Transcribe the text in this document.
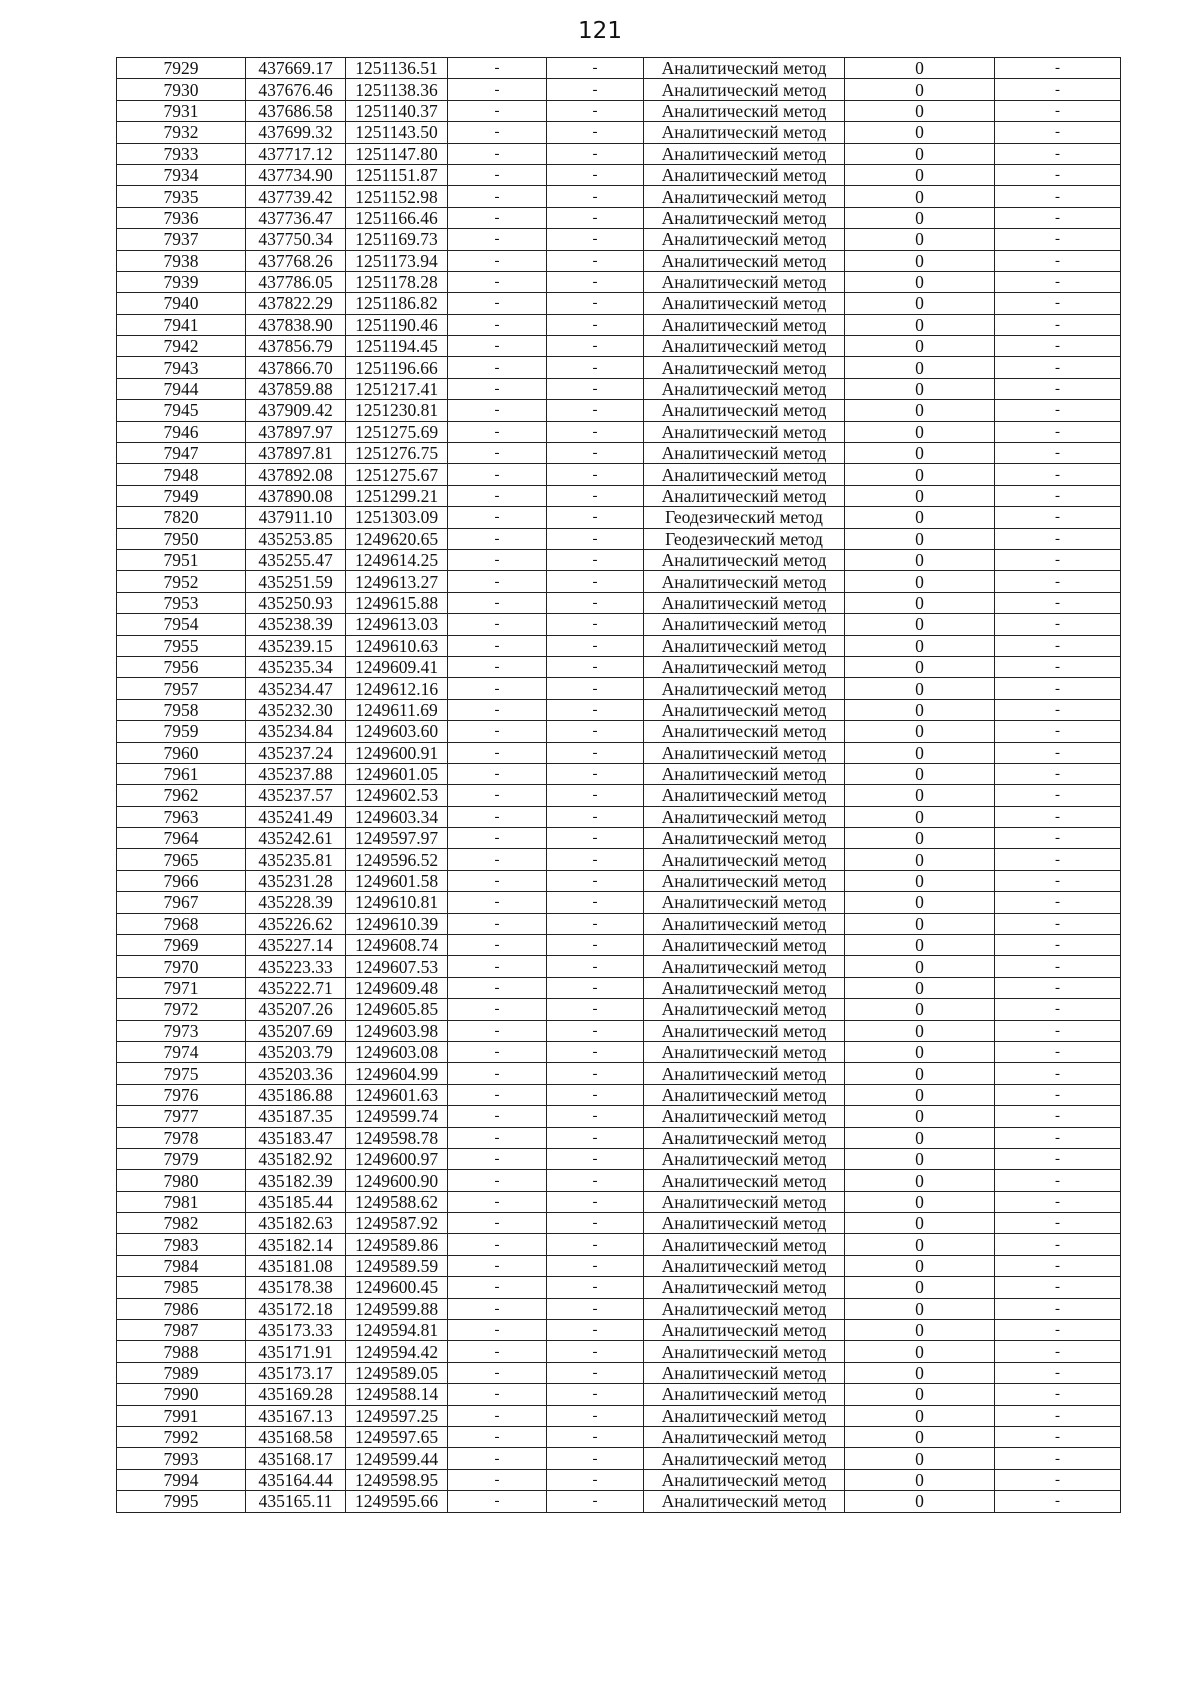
121
7929	437669.17	1251136.51	-	-	Аналитический метод	0	-
7930	437676.46	1251138.36	-	-	Аналитический метод	0	-
7931	437686.58	1251140.37	-	-	Аналитический метод	0	-
7932	437699.32	1251143.50	-	-	Аналитический метод	0	-
7933	437717.12	1251147.80	-	-	Аналитический метод	0	-
7934	437734.90	1251151.87	-	-	Аналитический метод	0	-
7935	437739.42	1251152.98	-	-	Аналитический метод	0	-
7936	437736.47	1251166.46	-	-	Аналитический метод	0	-
7937	437750.34	1251169.73	-	-	Аналитический метод	0	-
7938	437768.26	1251173.94	-	-	Аналитический метод	0	-
7939	437786.05	1251178.28	-	-	Аналитический метод	0	-
7940	437822.29	1251186.82	-	-	Аналитический метод	0	-
7941	437838.90	1251190.46	-	-	Аналитический метод	0	-
7942	437856.79	1251194.45	-	-	Аналитический метод	0	-
7943	437866.70	1251196.66	-	-	Аналитический метод	0	-
7944	437859.88	1251217.41	-	-	Аналитический метод	0	-
7945	437909.42	1251230.81	-	-	Аналитический метод	0	-
7946	437897.97	1251275.69	-	-	Аналитический метод	0	-
7947	437897.81	1251276.75	-	-	Аналитический метод	0	-
7948	437892.08	1251275.67	-	-	Аналитический метод	0	-
7949	437890.08	1251299.21	-	-	Аналитический метод	0	-
7820	437911.10	1251303.09	-	-	Геодезический метод	0	-
7950	435253.85	1249620.65	-	-	Геодезический метод	0	-
7951	435255.47	1249614.25	-	-	Аналитический метод	0	-
7952	435251.59	1249613.27	-	-	Аналитический метод	0	-
7953	435250.93	1249615.88	-	-	Аналитический метод	0	-
7954	435238.39	1249613.03	-	-	Аналитический метод	0	-
7955	435239.15	1249610.63	-	-	Аналитический метод	0	-
7956	435235.34	1249609.41	-	-	Аналитический метод	0	-
7957	435234.47	1249612.16	-	-	Аналитический метод	0	-
7958	435232.30	1249611.69	-	-	Аналитический метод	0	-
7959	435234.84	1249603.60	-	-	Аналитический метод	0	-
7960	435237.24	1249600.91	-	-	Аналитический метод	0	-
7961	435237.88	1249601.05	-	-	Аналитический метод	0	-
7962	435237.57	1249602.53	-	-	Аналитический метод	0	-
7963	435241.49	1249603.34	-	-	Аналитический метод	0	-
7964	435242.61	1249597.97	-	-	Аналитический метод	0	-
7965	435235.81	1249596.52	-	-	Аналитический метод	0	-
7966	435231.28	1249601.58	-	-	Аналитический метод	0	-
7967	435228.39	1249610.81	-	-	Аналитический метод	0	-
7968	435226.62	1249610.39	-	-	Аналитический метод	0	-
7969	435227.14	1249608.74	-	-	Аналитический метод	0	-
7970	435223.33	1249607.53	-	-	Аналитический метод	0	-
7971	435222.71	1249609.48	-	-	Аналитический метод	0	-
7972	435207.26	1249605.85	-	-	Аналитический метод	0	-
7973	435207.69	1249603.98	-	-	Аналитический метод	0	-
7974	435203.79	1249603.08	-	-	Аналитический метод	0	-
7975	435203.36	1249604.99	-	-	Аналитический метод	0	-
7976	435186.88	1249601.63	-	-	Аналитический метод	0	-
7977	435187.35	1249599.74	-	-	Аналитический метод	0	-
7978	435183.47	1249598.78	-	-	Аналитический метод	0	-
7979	435182.92	1249600.97	-	-	Аналитический метод	0	-
7980	435182.39	1249600.90	-	-	Аналитический метод	0	-
7981	435185.44	1249588.62	-	-	Аналитический метод	0	-
7982	435182.63	1249587.92	-	-	Аналитический метод	0	-
7983	435182.14	1249589.86	-	-	Аналитический метод	0	-
7984	435181.08	1249589.59	-	-	Аналитический метод	0	-
7985	435178.38	1249600.45	-	-	Аналитический метод	0	-
7986	435172.18	1249599.88	-	-	Аналитический метод	0	-
7987	435173.33	1249594.81	-	-	Аналитический метод	0	-
7988	435171.91	1249594.42	-	-	Аналитический метод	0	-
7989	435173.17	1249589.05	-	-	Аналитический метод	0	-
7990	435169.28	1249588.14	-	-	Аналитический метод	0	-
7991	435167.13	1249597.25	-	-	Аналитический метод	0	-
7992	435168.58	1249597.65	-	-	Аналитический метод	0	-
7993	435168.17	1249599.44	-	-	Аналитический метод	0	-
7994	435164.44	1249598.95	-	-	Аналитический метод	0	-
7995	435165.11	1249595.66	-	-	Аналитический метод	0	-
